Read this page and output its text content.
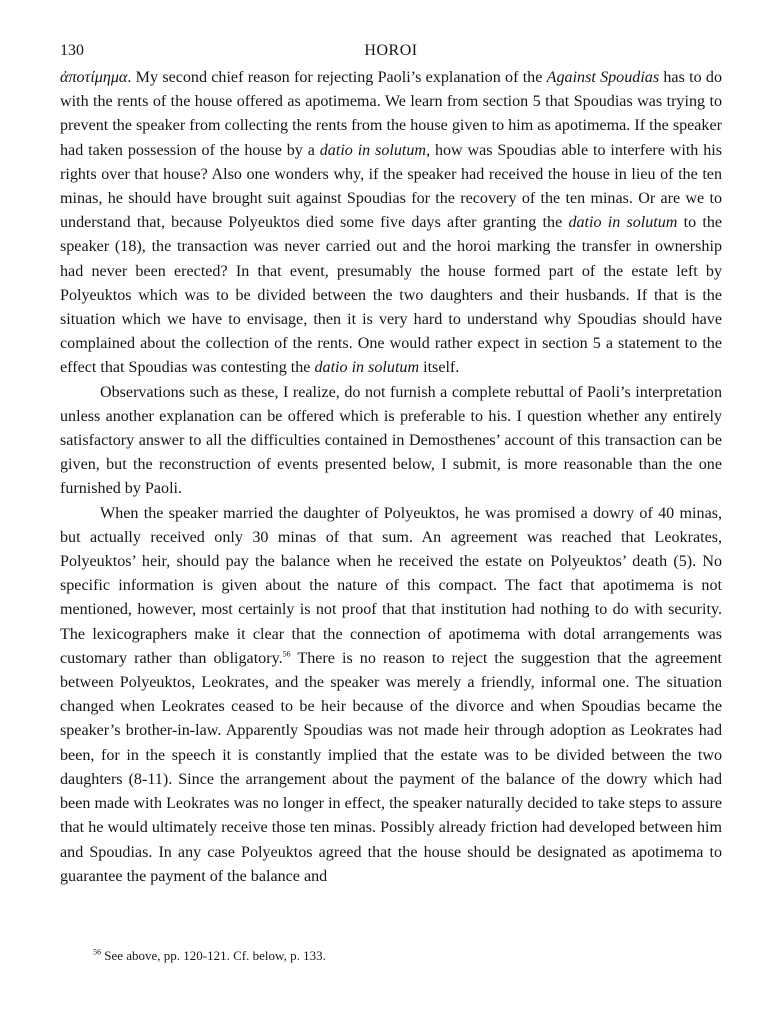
130	HOROI

ἀποτίμημα. My second chief reason for rejecting Paoli’s explanation of the Against Spoudias has to do with the rents of the house offered as apotimema. We learn from section 5 that Spoudias was trying to prevent the speaker from collecting the rents from the house given to him as apotimema. If the speaker had taken possession of the house by a datio in solutum, how was Spoudias able to interfere with his rights over that house? Also one wonders why, if the speaker had received the house in lieu of the ten minas, he should have brought suit against Spoudias for the recovery of the ten minas. Or are we to understand that, because Polyeuktos died some five days after granting the datio in solutum to the speaker (18), the transaction was never carried out and the horoi marking the transfer in ownership had never been erected? In that event, presumably the house formed part of the estate left by Polyeuktos which was to be divided between the two daughters and their husbands. If that is the situation which we have to envisage, then it is very hard to understand why Spoudias should have complained about the collection of the rents. One would rather expect in section 5 a statement to the effect that Spoudias was contesting the datio in solutum itself.

Observations such as these, I realize, do not furnish a complete rebuttal of Paoli’s interpretation unless another explanation can be offered which is preferable to his. I question whether any entirely satisfactory answer to all the difficulties contained in Demosthenes’ account of this transaction can be given, but the reconstruction of events presented below, I submit, is more reasonable than the one furnished by Paoli.

When the speaker married the daughter of Polyeuktos, he was promised a dowry of 40 minas, but actually received only 30 minas of that sum. An agreement was reached that Leokrates, Polyeuktos’ heir, should pay the balance when he received the estate on Polyeuktos’ death (5). No specific information is given about the nature of this compact. The fact that apotimema is not mentioned, however, most certainly is not proof that that institution had nothing to do with security. The lexicographers make it clear that the connection of apotimema with dotal arrangements was customary rather than obligatory.$^{56}$ There is no reason to reject the suggestion that the agreement between Polyeuktos, Leokrates, and the speaker was merely a friendly, informal one. The situation changed when Leokrates ceased to be heir because of the divorce and when Spoudias became the speaker’s brother-in-law. Apparently Spoudias was not made heir through adoption as Leokrates had been, for in the speech it is constantly implied that the estate was to be divided between the two daughters (8-11). Since the arrangement about the payment of the balance of the dowry which had been made with Leokrates was no longer in effect, the speaker naturally decided to take steps to assure that he would ultimately receive those ten minas. Possibly already friction had developed between him and Spoudias. In any case Polyeuktos agreed that the house should be designated as apotimema to guarantee the payment of the balance and

$^{56}$ See above, pp. 120-121. Cf. below, p. 133.
